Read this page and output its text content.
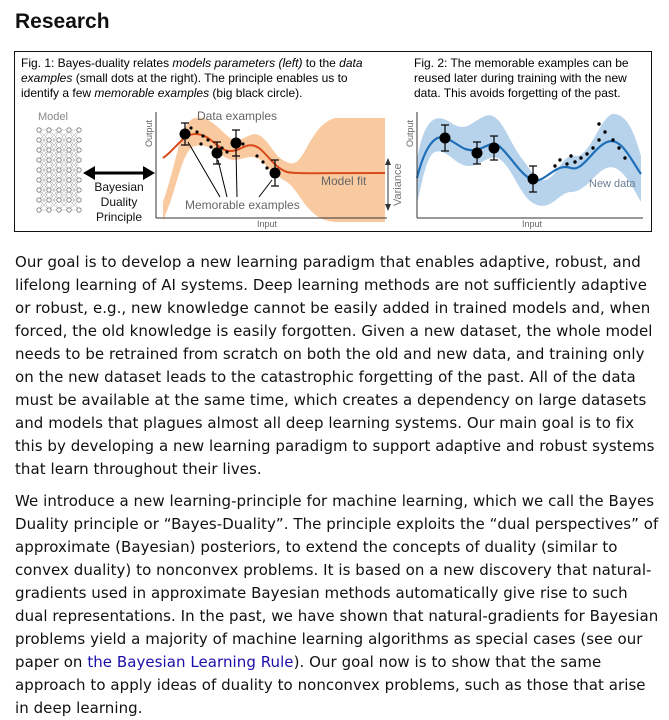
Research
Fig. 1: Bayes-duality relates models parameters (left) to the data
examples (small dots at the right). The principle enables us to
identify a few memorable examples (big black circle).
Fig. 2: The memorable examples can be
reused later during training with the new
data. This avoids forgetting of the past.
Model
Bayesian
Duality
Principle
Output
Input
Data examples
Model fit
Memorable examples	Variance
Output
Input
New data

Our goal is to develop a new learning paradigm that enables adaptive, robust, and lifelong learning of AI systems. Deep learning methods are not sufficiently adaptive or robust, e.g., new knowledge cannot be easily added in trained models and, when forced, the old knowledge is easily forgotten. Given a new dataset, the whole model needs to be retrained from scratch on both the old and new data, and training only on the new dataset leads to the catastrophic forgetting of the past. All of the data must be available at the same time, which creates a dependency on large datasets and models that plagues almost all deep learning systems. Our main goal is to fix this by developing a new learning paradigm to support adaptive and robust systems that learn throughout their lives.

We introduce a new learning-principle for machine learning, which we call the Bayes Duality principle or “Bayes-Duality”. The principle exploits the “dual perspectives” of approximate (Bayesian) posteriors, to extend the concepts of duality (similar to convex duality) to nonconvex problems. It is based on a new discovery that natural-gradients used in approximate Bayesian methods automatically give rise to such dual representations. In the past, we have shown that natural-gradients for Bayesian problems yield a majority of machine learning algorithms as special cases (see our paper on the Bayesian Learning Rule). Our goal now is to show that the same approach to apply ideas of duality to nonconvex problems, such as those that arise in deep learning.
